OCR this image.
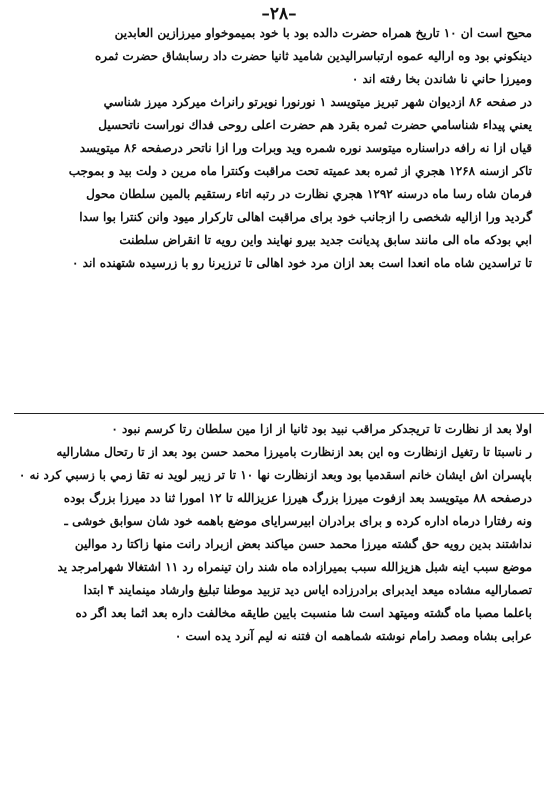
–۲۸–
محیح است ان ۱۰ تاریخ همراه حضرت دالده بود با خود بمیموخواو ميرزازين العابدين
دينكوني بود وه اراليه عموه ارتباسراليدين شاميد ثانيا حضرت داد رسابشاق حضرت ثمره
وميرزا حاني نا شاندن بخا رفته اند ۰
در صفحه ۸۶ ازديوان شهر تبريز ميتويسد ۱ نورنورا نويرتو رانراث ميرکرد ميرز شناسي
يعني پیداء شناسامي حضرت ثمره بقرد هم حضرت اعلی روحی فداك نوراست ناتحسیل
قیاں ازا نه رافه دراسناره ميتوسد نوره شمره وید وبرات ورا ازا ناتحر درصفحه ۸۶ ميتويسد
تاكر ازسنه ۱۲۶۸ هجري از ثمره بعد عميته تحت مراقبت وكنترا ماه مرين د ولت بيد و بموجب
فرمان شاه رسا ماه درسنه ۱۲۹۲ هجري نظارت در رتبه اتاء رستقيم بالمين سلطان محول
گرديد ورا ازالیه شخصی را ازجانب خود برای مراقبت اهالی تارکرار ميود وانن كنترا بوا سدا
ابي بودكه ماه الی مانند سابق پدیانت جدید بیرو نهایند واین رویه تا انقراض سلطنت
تا تراسدين شاه ماه انعدا است بعد ازان مرد خود اهالی تا ترزیرنا رو با زرسیده شتهنده اند ۰
اولا بعد از نظارت تا تریجدکر مراقب نبيد بود ثانيا از ازا مين سلطان رتا کرسم نبود ۰
ر ناسبتا تا رتغيل ازنظارت وه اين بعد ازنظارت بامیرزا محمد حسن بود بعد از تا رتحال مشارالیه
باپسران اش ایشان خانم اسقدميا بود وبعد ازنظارت نها ۱۰ تا تر زيبر لويد نه تقا زمي با زسبي کرد نه ۰
درصفحه ۸۸ ميتويسد بعد ازفوت میرزا بزرگ هيرزا عزیزالله تا ۱۲ امورا ثنا دد میرزا بزرگ بوده
ونه رفتارا درماه اداره کرده و برای برادران ابیرسرایای موضع باهمه خود شان سوابق خوشی ـ
نداشتند بدین رویه حق گشته میرزا محمد حسن میاکند بعض ازبراد رانت منها زاکتا رد موالین
موضع سبب اینه شبل هزيزالله سبب بمیرازاده ماه شند ران تینمراه رد ۱۱ اشتغالا شهرامرجد يد
تصمارالیه مشاده ميعد ایدبرای برادرزاده ایاس دید تزبید موطنا تبلیغ وارشاد مینمايند ۴ ابتدا
باعلما مصبا ماه گشته ومیتهد است شا منسبت بایین طایقه مخالفت داره بعد اثما بعد اگر ده
عرابی بشاه ومصد رامام نوشته شماهمه ان فتنه نه لیم آنرد یده است ۰
